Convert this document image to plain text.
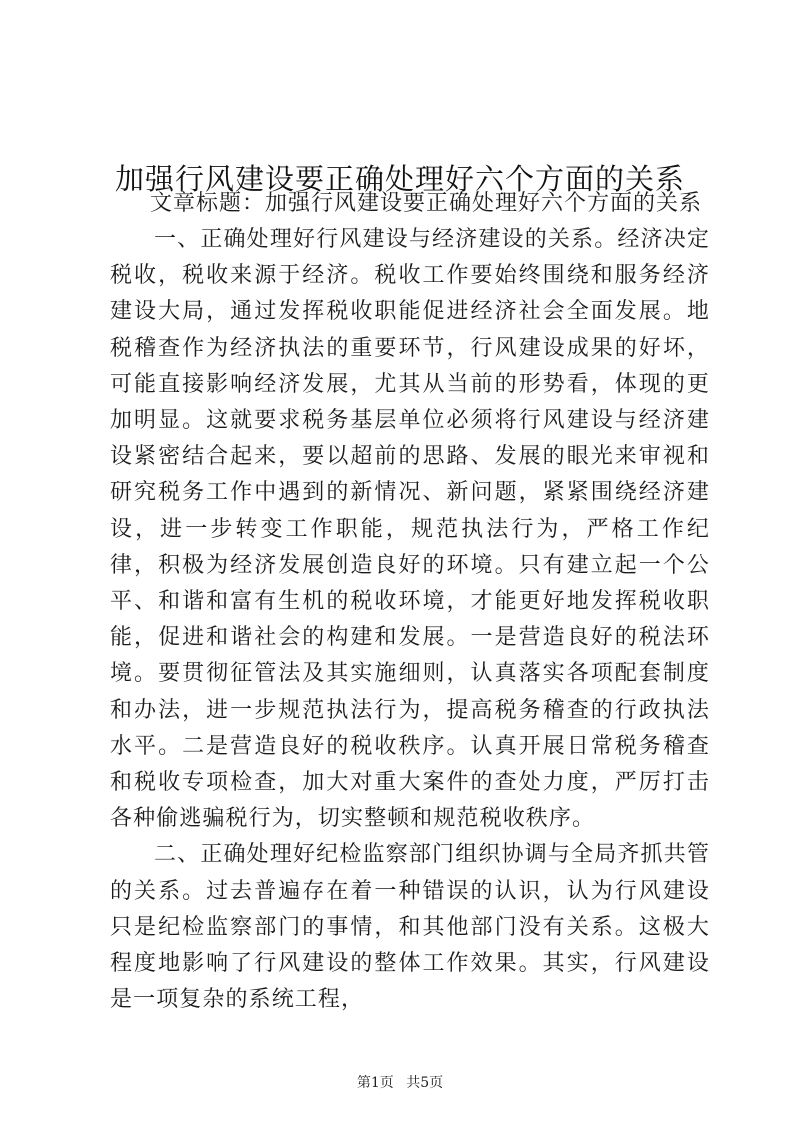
加强行风建设要正确处理好六个方面的关系

文章标题：加强行风建设要正确处理好六个方面的关系

一、正确处理好行风建设与经济建设的关系。经济决定税收，税收来源于经济。税收工作要始终围绕和服务经济建设大局，通过发挥税收职能促进经济社会全面发展。地税稽查作为经济执法的重要环节，行风建设成果的好坏，可能直接影响经济发展，尤其从当前的形势看，体现的更加明显。这就要求税务基层单位必须将行风建设与经济建设紧密结合起来，要以超前的思路、发展的眼光来审视和研究税务工作中遇到的新情况、新问题，紧紧围绕经济建设，进一步转变工作职能，规范执法行为，严格工作纪律，积极为经济发展创造良好的环境。只有建立起一个公平、和谐和富有生机的税收环境，才能更好地发挥税收职能，促进和谐社会的构建和发展。一是营造良好的税法环境。要贯彻征管法及其实施细则，认真落实各项配套制度和办法，进一步规范执法行为，提高税务稽查的行政执法水平。二是营造良好的税收秩序。认真开展日常税务稽查和税收专项检查，加大对重大案件的查处力度，严厉打击各种偷逃骗税行为，切实整顿和规范税收秩序。

二、正确处理好纪检监察部门组织协调与全局齐抓共管的关系。过去普遍存在着一种错误的认识，认为行风建设只是纪检监察部门的事情，和其他部门没有关系。这极大程度地影响了行风建设的整体工作效果。其实，行风建设是一项复杂的系统工程，

第1页 共5页
